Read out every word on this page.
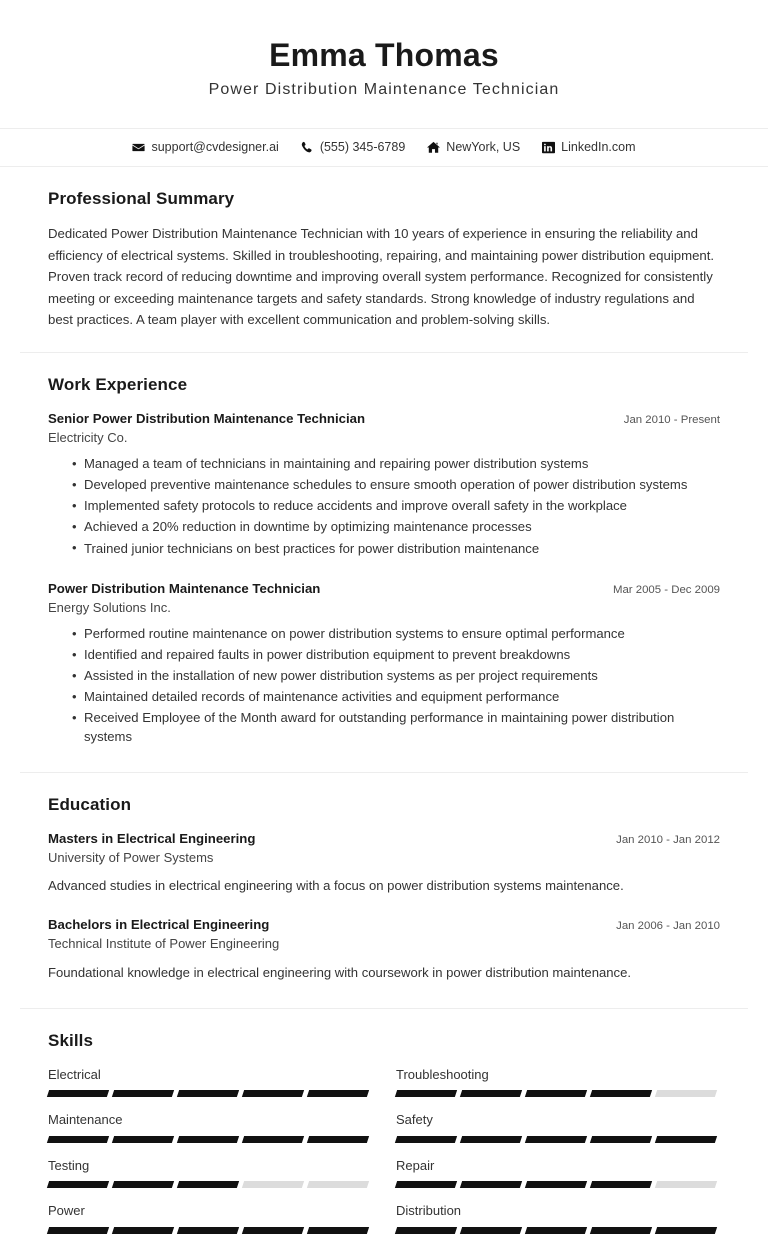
Emma Thomas
Power Distribution Maintenance Technician
support@cvdesigner.ai	(555) 345-6789	NewYork, US	LinkedIn.com
Professional Summary
Dedicated Power Distribution Maintenance Technician with 10 years of experience in ensuring the reliability and efficiency of electrical systems. Skilled in troubleshooting, repairing, and maintaining power distribution equipment. Proven track record of reducing downtime and improving overall system performance. Recognized for consistently meeting or exceeding maintenance targets and safety standards. Strong knowledge of industry regulations and best practices. A team player with excellent communication and problem-solving skills.
Work Experience
Senior Power Distribution Maintenance Technician	Jan 2010 - Present
Electricity Co.
• Managed a team of technicians in maintaining and repairing power distribution systems
• Developed preventive maintenance schedules to ensure smooth operation of power distribution systems
• Implemented safety protocols to reduce accidents and improve overall safety in the workplace
• Achieved a 20% reduction in downtime by optimizing maintenance processes
• Trained junior technicians on best practices for power distribution maintenance
Power Distribution Maintenance Technician	Mar 2005 - Dec 2009
Energy Solutions Inc.
• Performed routine maintenance on power distribution systems to ensure optimal performance
• Identified and repaired faults in power distribution equipment to prevent breakdowns
• Assisted in the installation of new power distribution systems as per project requirements
• Maintained detailed records of maintenance activities and equipment performance
• Received Employee of the Month award for outstanding performance in maintaining power distribution systems
Education
Masters in Electrical Engineering	Jan 2010 - Jan 2012
University of Power Systems
Advanced studies in electrical engineering with a focus on power distribution systems maintenance.
Bachelors in Electrical Engineering	Jan 2006 - Jan 2010
Technical Institute of Power Engineering
Foundational knowledge in electrical engineering with coursework in power distribution maintenance.
Skills
Electrical	Troubleshooting
Maintenance	Safety
Testing	Repair
Power	Distribution
